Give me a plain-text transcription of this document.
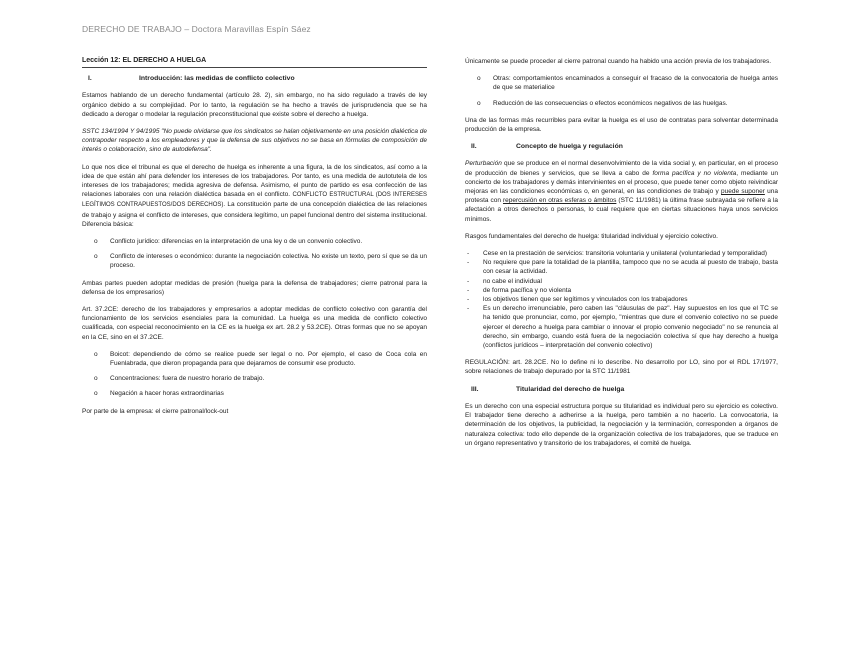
DERECHO DE TRABAJO – Doctora Maravillas Espín Sáez
Lección 12: EL DERECHO A HUELGA
I.	Introducción: las medidas de conflicto colectivo

Estamos hablando de un derecho fundamental (artículo 28. 2), sin embargo, no ha sido regulado a través de ley orgánico debido a su complejidad. Por lo tanto, la regulación se ha hecho a través de jurisprudencia que se ha dedicado a derogar o modelar la regulación preconstitucional que existe sobre el derecho a huelga.

SSTC 134/1994 Y 94/1995 "No puede olvidarse que los sindicatos se halan objetivamente en una posición dialéctica de contrapoder respecto a los empleadores y que la defensa de sus objetivos no se basa en fórmulas de composición de interés o colaboración, sino de autodefensa".

Lo que nos dice el tribunal es que el derecho de huelga es inherente a una figura, la de los sindicatos, así como a la idea de que están ahí para defender los intereses de los trabajadores. Por tanto, es una medida de autotutela de los intereses de los trabajadores; medida agresiva de defensa. Asimismo, el punto de partido es esa confección de las relaciones laborales con una relación dialéctica basada en el conflicto. CONFLICTO ESTRUCTURAL (DOS INTERESES LEGÍTIMOS CONTRAPUESTOS/DOS DERECHOS). La constitución parte de una concepción dialéctica de las relaciones de trabajo y asigna el conflicto de intereses, que considera legítimo, un papel funcional dentro del sistema institucional. Diferencia básica:

o Conflicto jurídico: diferencias en la interpretación de una ley o de un convenio colectivo.
o Conflicto de intereses o económico: durante la negociación colectiva. No existe un texto, pero sí que se da un proceso.

Ambas partes pueden adoptar medidas de presión (huelga para la defensa de trabajadores; cierre patronal para la defensa de los empresarios)

Art. 37.2CE: derecho de los trabajadores y empresarios a adoptar medidas de conflicto colectivo con garantía del funcionamiento de los servicios esenciales para la comunidad. La huelga es una medida de conflicto colectivo cualificada, con especial reconocimiento en la CE es la huelga ex art. 28.2 y 53.2CE). Otras formas que no se apoyan en la CE, sino en el 37.2CE.

o Boicot: dependiendo de cómo se realice puede ser legal o no. Por ejemplo, el caso de Coca cola en Fuenlabrada, que dieron propaganda para que dejaramos de consumir ese producto.
o Concentraciones: fuera de nuestro horario de trabajo.
o Negación a hacer horas extraordinarias

Por parte de la empresa: el cierre patronal/lock-out

Únicamente se puede proceder al cierre patronal cuando ha habido una acción previa de los trabajadores.

o Otras: comportamientos encaminados a conseguir el fracaso de la convocatoria de huelga antes de que se materialice
o Reducción de las consecuencias o efectos económicos negativos de las huelgas.

Una de las formas más recurribles para evitar la huelga es el uso de contratas para solventar determinada producción de la empresa.

II.	Concepto de huelga y regulación

Perturbación que se produce en el normal desenvolvimiento de la vida social y, en particular, en el proceso de producción de bienes y servicios, que se lleva a cabo de forma pacífica y no violenta, mediante un concierto de los trabajadores y demás intervinientes en el proceso, que puede tener como objeto reivindicar mejoras en las condiciones económicas o, en general, en las condiciones de trabajo y puede suponer una protesta con repercusión en otras esferas o ámbitos (STC 11/1981) la última frase subrayada se refiere a la afectación a otros derechos o personas, lo cual requiere que en ciertas situaciones haya unos servicios mínimos.

Rasgos fundamentales del derecho de huelga: titularidad individual y ejercicio colectivo.

- Cese en la prestación de servicios: transitoria voluntaria y unilateral (voluntariedad y temporalidad)
- No requiere que pare la totalidad de la plantilla, tampoco que no se acuda al puesto de trabajo, basta con cesar la actividad.
- no cabe el individual
- de forma pacífica y no violenta
- los objetivos tienen que ser legítimos y vinculados con los trabajadores
- Es un derecho irrenunciable, pero caben las "cláusulas de paz". Hay supuestos en los que el TC se ha tenido que pronunciar, como, por ejemplo, "mientras que dure el convenio colectivo no se puede ejercer el derecho a huelga para cambiar o innovar el propio convenio negociado" no se renuncia al derecho, sin embargo, cuando está fuera de la negociación colectiva sí que hay derecho a huelga (conflictos jurídicos – interpretación del convenio colectivo)

REGULACIÓN: art. 28.2CE. No lo define ni lo describe. No desarrollo por LO, sino por el RDL 17/1977, sobre relaciones de trabajo depurado por la STC 11/1981

III.	Titularidad del derecho de huelga

Es un derecho con una especial estructura porque su titularidad es individual pero su ejercicio es colectivo. El trabajador tiene derecho a adherirse a la huelga, pero también a no hacerlo. La convocatoria, la determinación de los objetivos, la publicidad, la negociación y la terminación, corresponden a órganos de naturaleza colectiva: todo ello depende de la organización colectiva de los trabajadores, que se traduce en un órgano representativo y transitorio de los trabajadores, el comité de huelga.
